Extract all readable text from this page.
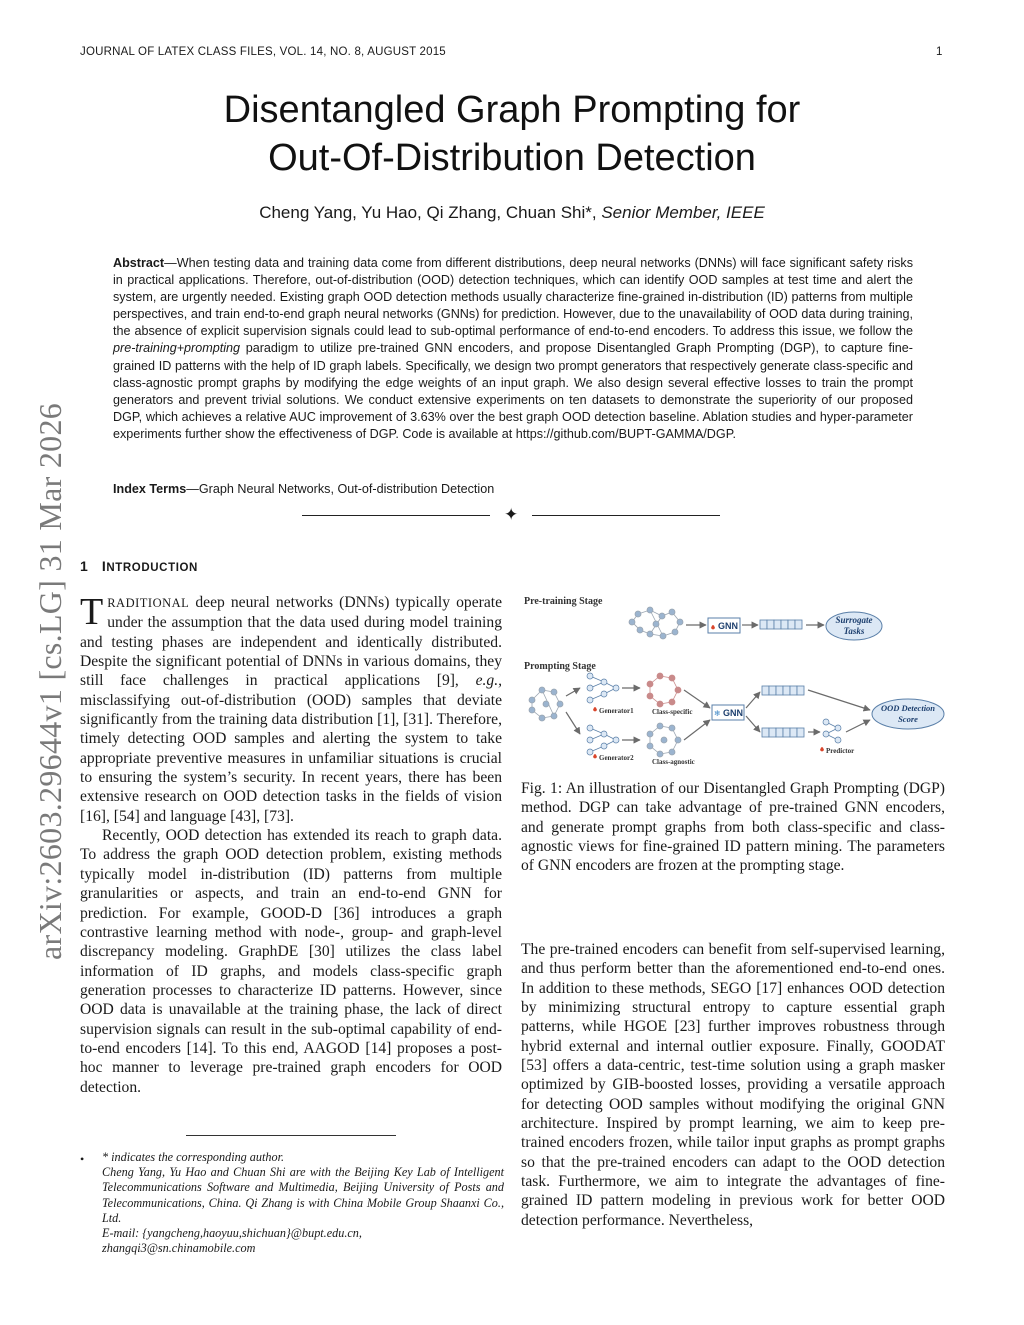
JOURNAL OF LATEX CLASS FILES, VOL. 14, NO. 8, AUGUST 2015	1
Disentangled Graph Prompting for
Out-Of-Distribution Detection
Cheng Yang, Yu Hao, Qi Zhang, Chuan Shi*, Senior Member, IEEE
Abstract—When testing data and training data come from different distributions, deep neural networks (DNNs) will face significant safety risks in practical applications. Therefore, out-of-distribution (OOD) detection techniques, which can identify OOD samples at test time and alert the system, are urgently needed. Existing graph OOD detection methods usually characterize fine-grained in-distribution (ID) patterns from multiple perspectives, and train end-to-end graph neural networks (GNNs) for prediction. However, due to the unavailability of OOD data during training, the absence of explicit supervision signals could lead to sub-optimal performance of end-to-end encoders. To address this issue, we follow the pre-training+prompting paradigm to utilize pre-trained GNN encoders, and propose Disentangled Graph Prompting (DGP), to capture fine-grained ID patterns with the help of ID graph labels. Specifically, we design two prompt generators that respectively generate class-specific and class-agnostic prompt graphs by modifying the edge weights of an input graph. We also design several effective losses to train the prompt generators and prevent trivial solutions. We conduct extensive experiments on ten datasets to demonstrate the superiority of our proposed DGP, which achieves a relative AUC improvement of 3.63% over the best graph OOD detection baseline. Ablation studies and hyper-parameter experiments further show the effectiveness of DGP. Code is available at https://github.com/BUPT-GAMMA/DGP.
Index Terms—Graph Neural Networks, Out-of-distribution Detection
✦
1 INTRODUCTION

TRADITIONAL deep neural networks (DNNs) typically operate under the assumption that the data used during model training and testing phases are independent and identically distributed. Despite the significant potential of DNNs in various domains, they still face challenges in practical applications [9], e.g., misclassifying out-of-distribution (OOD) samples that deviate significantly from the training data distribution [1], [31]. Therefore, timely detecting OOD samples and alerting the system to take appropriate preventive measures in unfamiliar situations is crucial to ensuring the system’s security. In recent years, there has been extensive research on OOD detection tasks in the fields of vision [16], [54] and language [43], [73].

Recently, OOD detection has extended its reach to graph data. To address the graph OOD detection problem, existing methods typically model in-distribution (ID) patterns from multiple granularities or aspects, and train an end-to-end GNN for prediction. For example, GOOD-D [36] introduces a graph contrastive learning method with node-, group- and graph-level discrepancy modeling. GraphDE [30] utilizes the class label information of ID graphs, and models class-specific graph generation processes to characterize ID patterns. However, since OOD data is unavailable at the training phase, the lack of direct supervision signals can result in the sub-optimal capability of end-to-end encoders [14]. To this end, AAGOD [14] proposes a post-hoc manner to leverage pre-trained graph encoders for OOD detection.

• * indicates the corresponding author.

Cheng Yang, Yu Hao and Chuan Shi are with the Beijing Key Lab of Intelligent Telecommunications Software and Multimedia, Beijing University of Posts and Telecommunications, China. Qi Zhang is with China Mobile Group Shaanxi Co., Ltd.

E-mail: {yangcheng,haoyuu,shichuan}@bupt.edu.cn,

zhangqi3@sn.chinamobile.com

Pre-training Stage
Prompting Stage
GNN
Surrogate
Tasks
Generator1
Generator2
Class-specific
Class-agnostic
GNN
❄
Predictor
OOD Detection
Score
Fig. 1: An illustration of our Disentangled Graph Prompting (DGP) method. DGP can take advantage of pre-trained GNN encoders, and generate prompt graphs from both class-specific and class-agnostic views for fine-grained ID pattern mining. The parameters of GNN encoders are frozen at the prompting stage.
The pre-trained encoders can benefit from self-supervised learning, and thus perform better than the aforementioned end-to-end ones. In addition to these methods, SEGO [17] enhances OOD detection by minimizing structural entropy to capture essential graph patterns, while HGOE [23] further improves robustness through hybrid external and internal outlier exposure. Finally, GOODAT [53] offers a data-centric, test-time solution using a graph masker optimized by GIB-boosted losses, providing a versatile approach for detecting OOD samples without modifying the original GNN architecture. Inspired by prompt learning, we aim to keep pre-trained encoders frozen, while tailor input graphs as prompt graphs so that the pre-trained encoders can adapt to the OOD detection task. Furthermore, we aim to integrate the advantages of fine-grained ID pattern modeling in previous work for better OOD detection performance. Nevertheless,
arXiv:2603.29644v1 [cs.LG] 31 Mar 2026
